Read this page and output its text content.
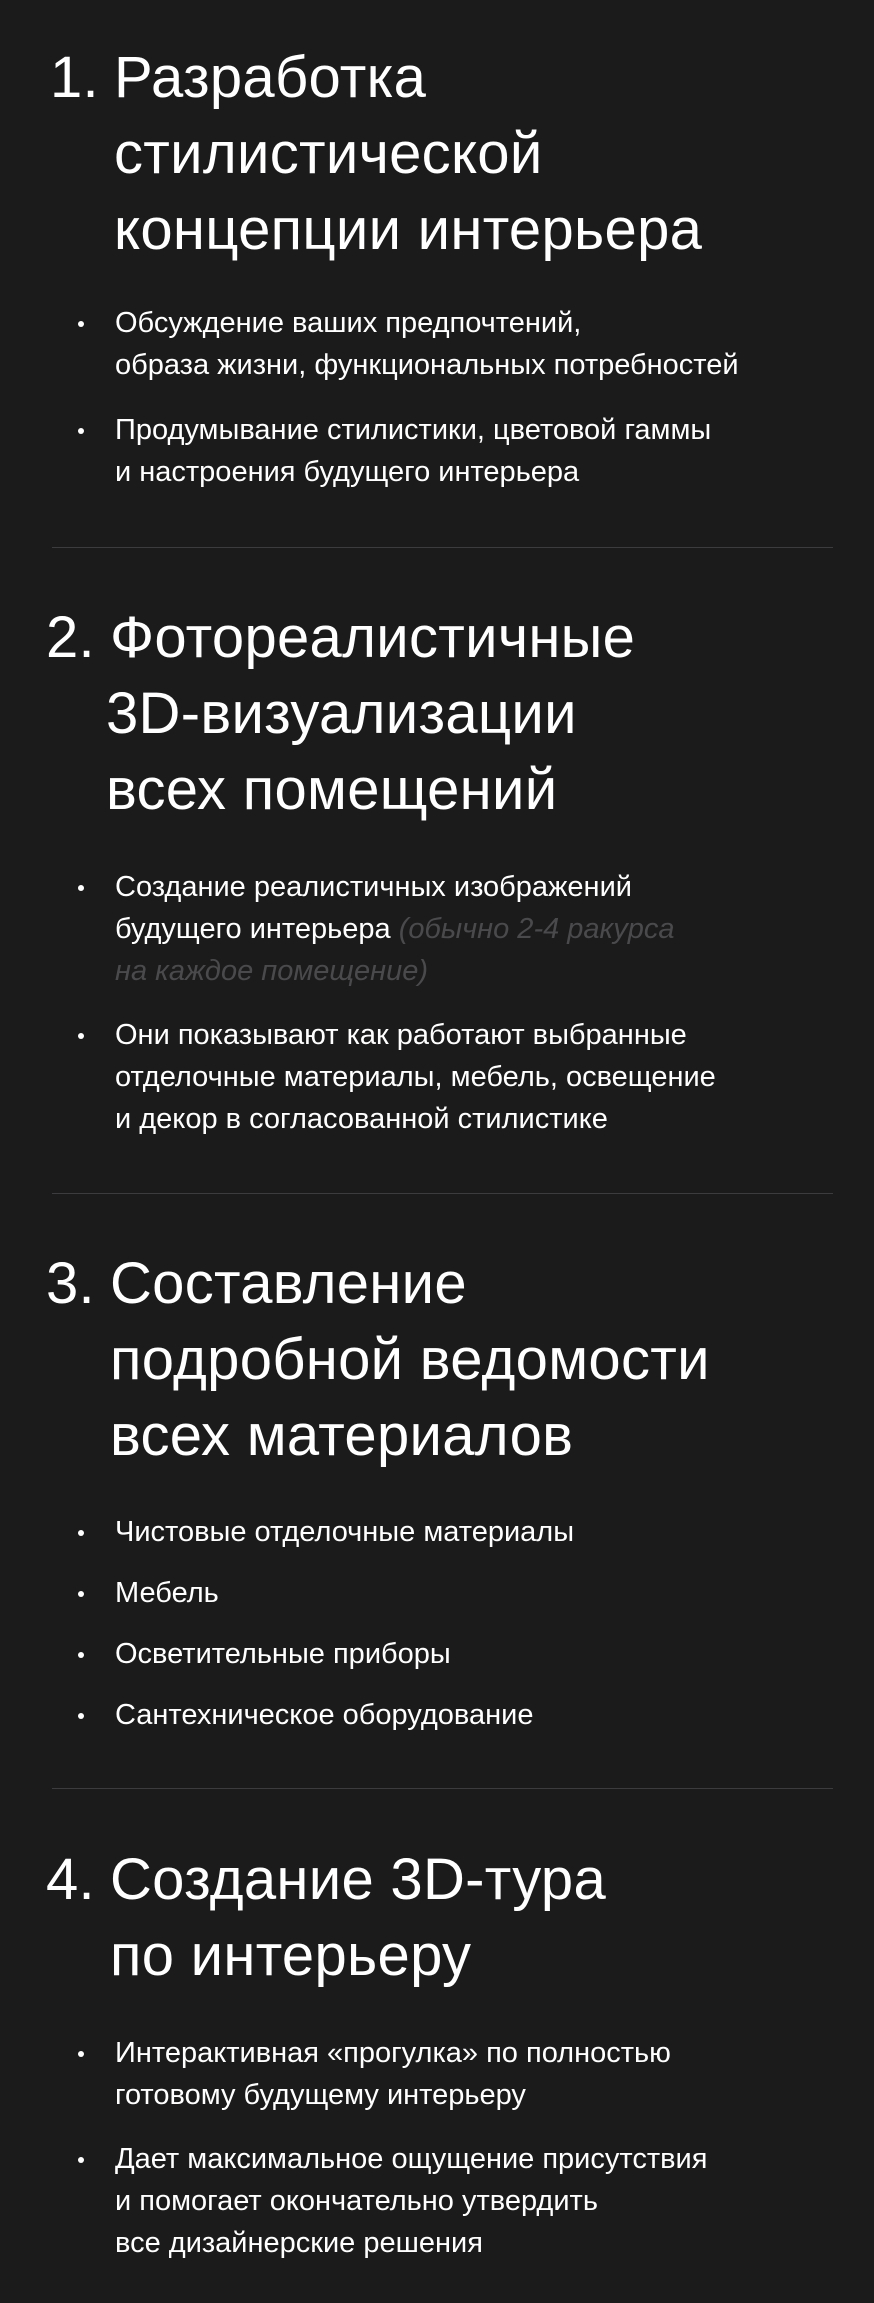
1. Разработка
стилистической
концепции интерьера
Обсуждение ваших предпочтений,
образа жизни, функциональных потребностей
Продумывание стилистики, цветовой гаммы
и настроения будущего интерьера
2. Фотореалистичные
3D-визуализации
всех помещений
Создание реалистичных изображений
будущего интерьера (обычно 2-4 ракурса
на каждое помещение)
Они показывают как работают выбранные
отделочные материалы, мебель, освещение
и декор в согласованной стилистике
3. Составление
подробной ведомости
всех материалов
Чистовые отделочные материалы
Мебель
Осветительные приборы
Сантехническое оборудование
4. Создание 3D-тура
по интерьеру
Интерактивная «прогулка» по полностью
готовому будущему интерьеру
Дает максимальное ощущение присутствия
и помогает окончательно утвердить
все дизайнерские решения
